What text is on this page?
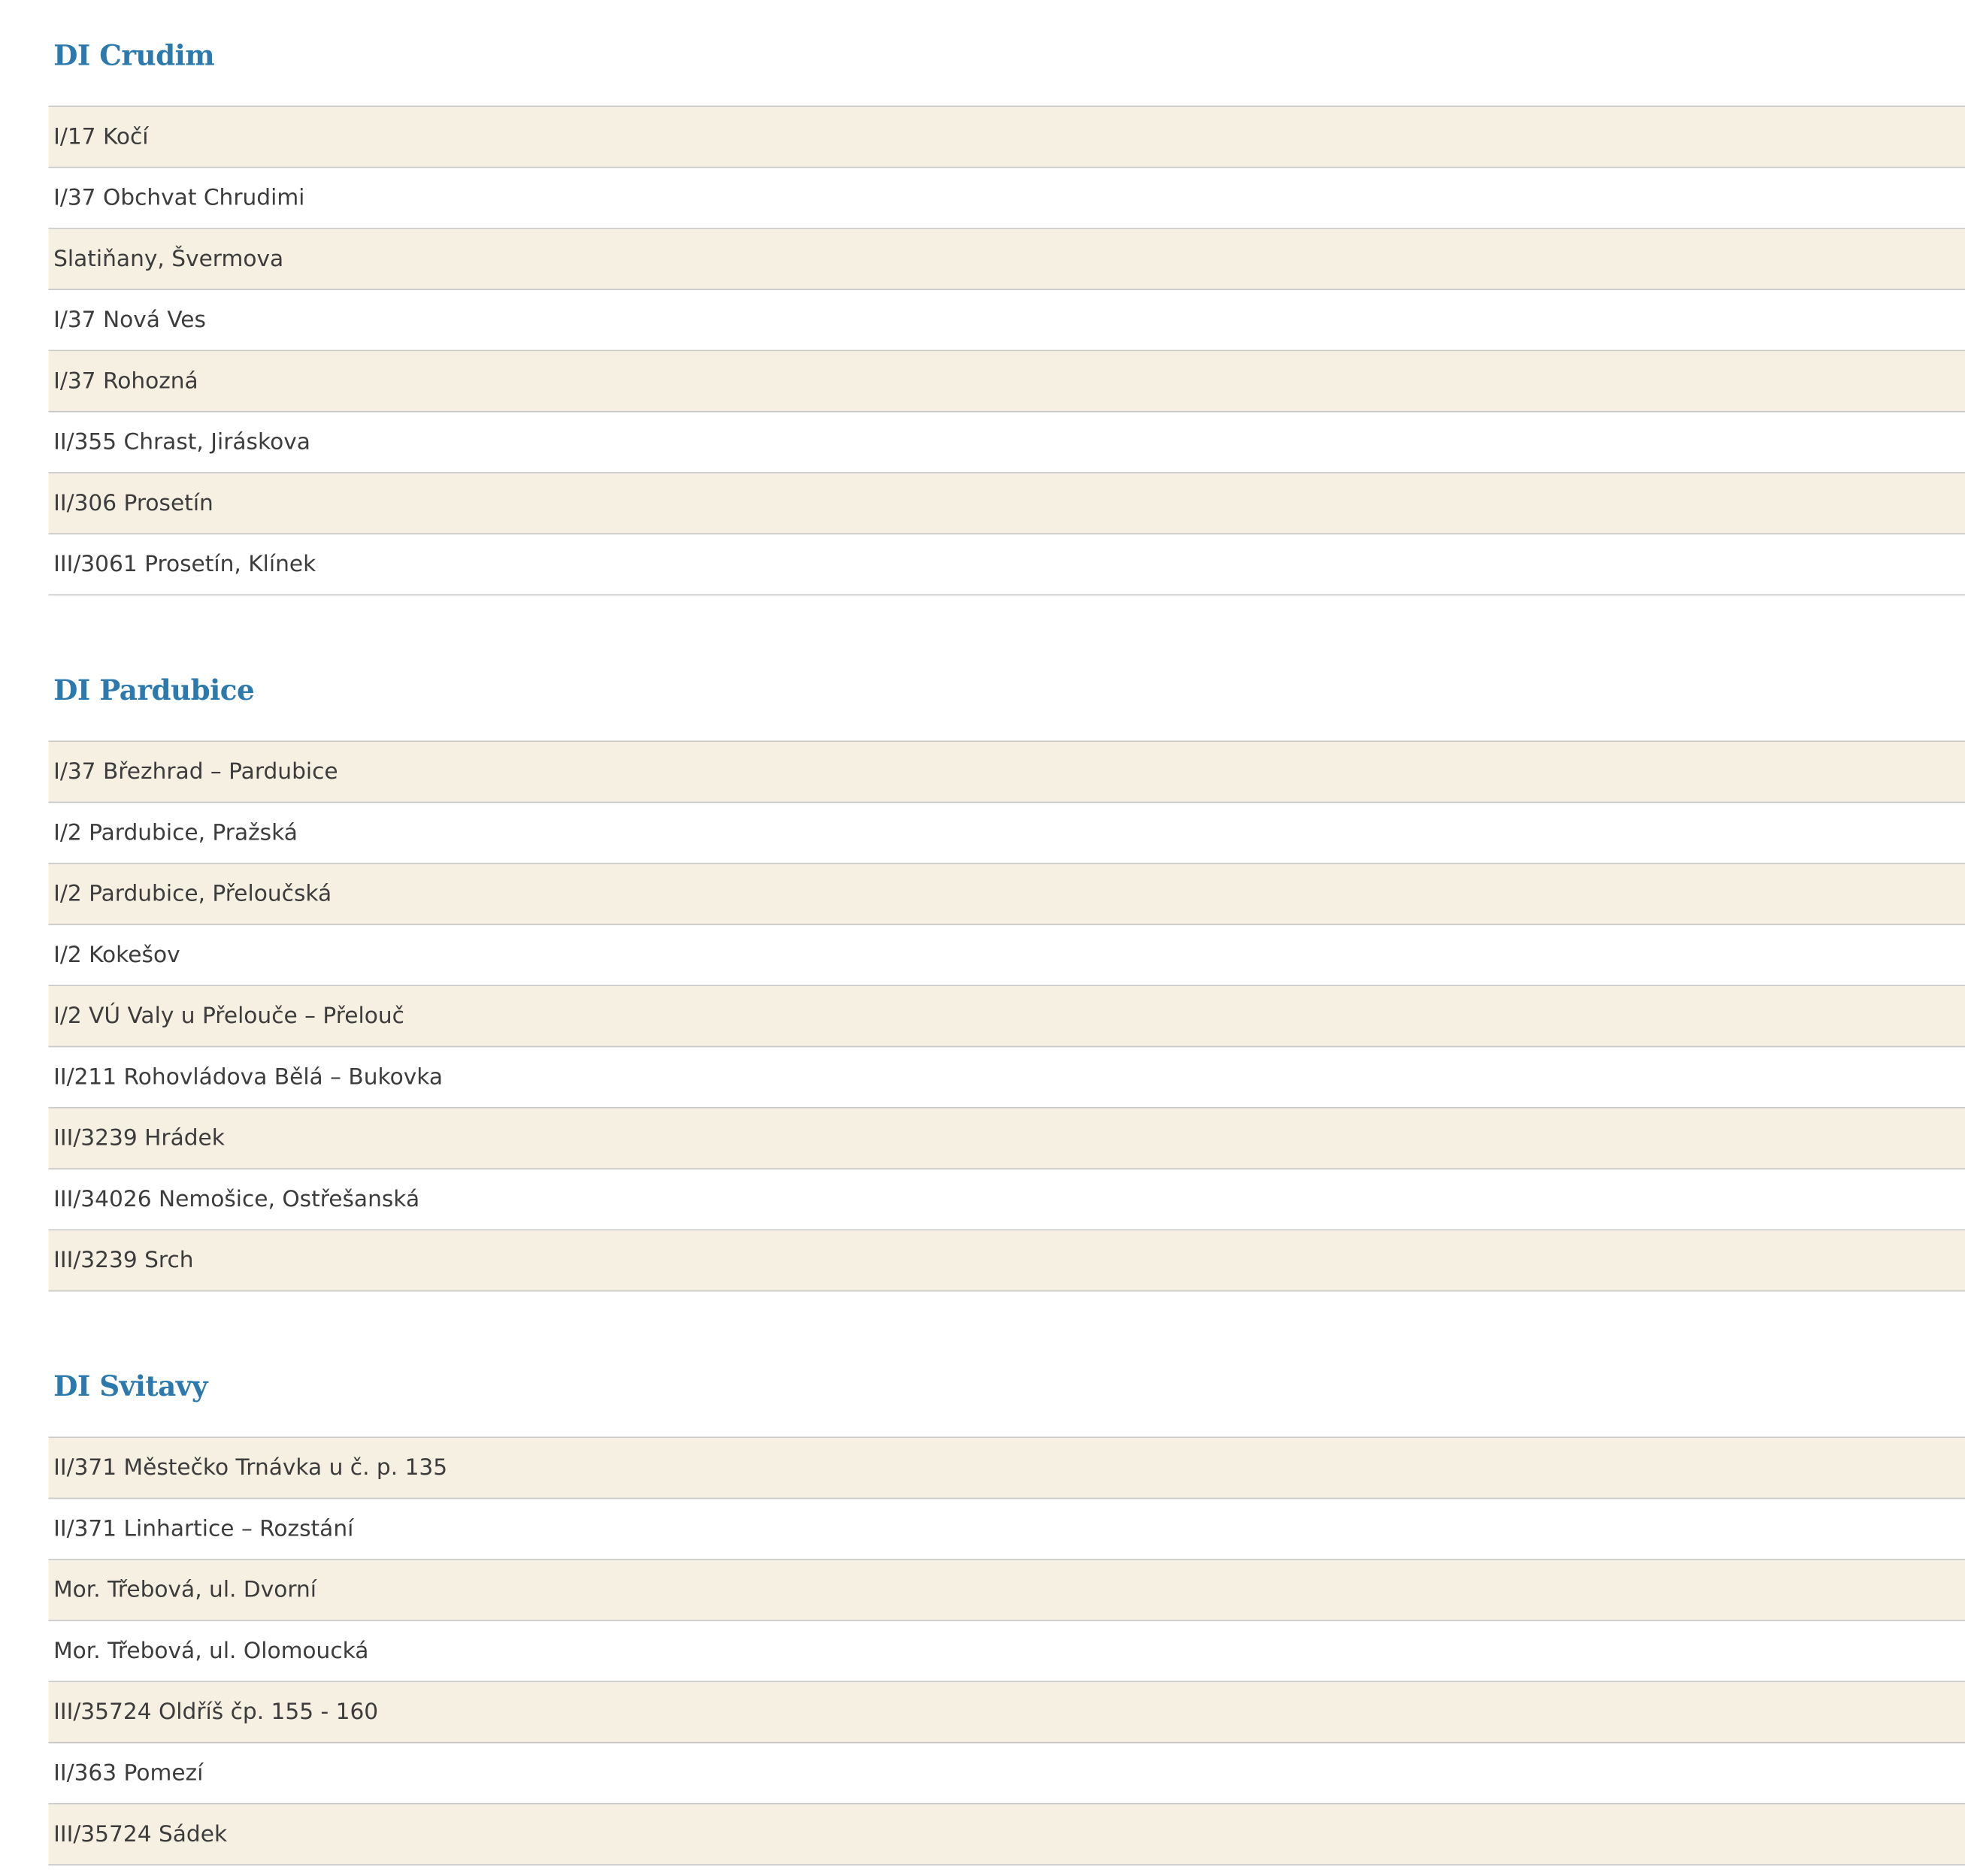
DI Crudim
I/17 Kočí
I/37 Obchvat Chrudimi
Slatiňany, Švermova
I/37 Nová Ves
I/37 Rohozná
II/355 Chrast, Jiráskova
II/306 Prosetín
III/3061 Prosetín, Klínek
DI Pardubice
I/37 Březhrad – Pardubice
I/2 Pardubice, Pražská
I/2 Pardubice, Přeloučská
I/2 Kokešov
I/2 VÚ Valy u Přelouče – Přelouč
II/211 Rohovládova Bělá – Bukovka
III/3239 Hrádek
III/34026 Nemošice, Ostřešanská
III/3239 Srch
DI Svitavy
II/371 Městečko Trnávka u č. p. 135
II/371 Linhartice – Rozstání
Mor. Třebová, ul. Dvorní
Mor. Třebová, ul. Olomoucká
III/35724 Oldříš čp. 155 - 160
II/363 Pomezí
III/35724 Sádek
